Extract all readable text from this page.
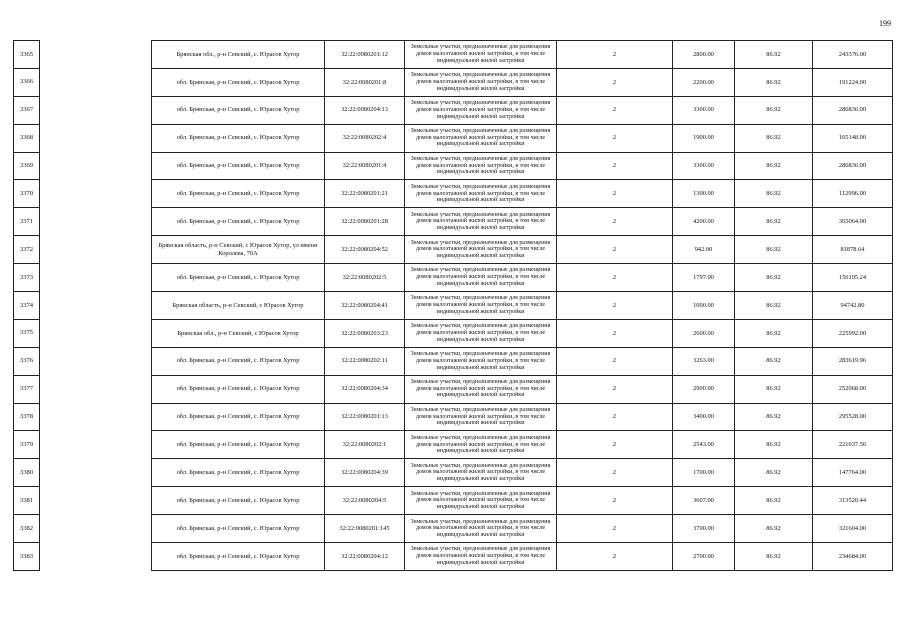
199
3365		Брянская обл., р-н Севский, с. Юрасов Хутор	32:22:0080201:12	Земельные участки, предназначенные для размещения домов малоэтажной жилой застройки, в том числе индивидуальной жилой застройки	2	2800.00	86.92	243376.00
3366		обл. Брянская, р-н Севский, с. Юрасов Хутор	32:22:0080201:8	Земельные участки, предназначенные для размещения домов малоэтажной жилой застройки, в том числе индивидуальной жилой застройки	2	2200.00	86.92	191224.00
3367		обл. Брянская, р-н Севский, с. Юрасов Хутор	32:22:0080204:13	Земельные участки, предназначенные для размещения домов малоэтажной жилой застройки, в том числе индивидуальной жилой застройки	2	3300.00	86.92	286836.00
3368		обл. Брянская, р-н Севский, с. Юрасов Хутор	32:22:0080202:4	Земельные участки, предназначенные для размещения домов малоэтажной жилой застройки, в том числе индивидуальной жилой застройки	2	1900.00	86.92	165148.00
3369		обл. Брянская, р-н Севский, с. Юрасов Хутор	32:22:0080201:4	Земельные участки, предназначенные для размещения домов малоэтажной жилой застройки, в том числе индивидуальной жилой застройки	2	3300.00	86.92	286836.00
3370		обл. Брянская, р-н Севский, с. Юрасов Хутор	32:22:0080201:21	Земельные участки, предназначенные для размещения домов малоэтажной жилой застройки, в том числе индивидуальной жилой застройки	2	1300.00	86.92	112996.00
3371		обл. Брянская, р-н Севский, с. Юрасов Хутор	32:22:0080201:28	Земельные участки, предназначенные для размещения домов малоэтажной жилой застройки, в том числе индивидуальной жилой застройки	2	4200.00	86.92	365064.00
3372		Брянская область, р-н Севский, с Юрасов Хутор, ул имени Королева, 70А	32:22:0080204:52	Земельные участки, предназначенные для размещения домов малоэтажной жилой застройки, в том числе индивидуальной жилой застройки	2	942.00	86.92	81878.64
3373		обл. Брянская, р-н Севский, с. Юрасов Хутор	32:22:0080202:5	Земельные участки, предназначенные для размещения домов малоэтажной жилой застройки, в том числе индивидуальной жилой застройки	2	1797.00	86.92	156195.24
3374		Брянская область, р-н Севский, с Юрасов Хутор	32:22:0080204:41	Земельные участки, предназначенные для размещения домов малоэтажной жилой застройки, в том числе индивидуальной жилой застройки	2	1090.00	86.92	94742.80
3375		Брянская обл., р-н Севский, с Юрасов Хутор	32:22:0080203:23	Земельные участки, предназначенные для размещения домов малоэтажной жилой застройки, в том числе индивидуальной жилой застройки	2	2600.00	86.92	225992.00
3376		обл. Брянская, р-н Севский, с. Юрасов Хутор	32:22:0080202:11	Земельные участки, предназначенные для размещения домов малоэтажной жилой застройки, в том числе индивидуальной жилой застройки	2	3263.00	86.92	283619.96
3377		обл. Брянская, р-н Севский, с. Юрасов Хутор	32:22:0080204:34	Земельные участки, предназначенные для размещения домов малоэтажной жилой застройки, в том числе индивидуальной жилой застройки	2	2900.00	86.92	252068.00
3378		обл. Брянская, р-н Севский, с. Юрасов Хутор	32:22:0080201:13	Земельные участки, предназначенные для размещения домов малоэтажной жилой застройки, в том числе индивидуальной жилой застройки	2	3400.00	86.92	295528.00
3379		обл. Брянская, р-н Севский, с. Юрасов Хутор	32:22:0080202:1	Земельные участки, предназначенные для размещения домов малоэтажной жилой застройки, в том числе индивидуальной жилой застройки	2	2543.00	86.92	221037.56
3380		обл. Брянская, р-н Севский, с. Юрасов Хутор	32:22:0080204:39	Земельные участки, предназначенные для размещения домов малоэтажной жилой застройки, в том числе индивидуальной жилой застройки	2	1700.00	86.92	147764.00
3381		обл. Брянская, р-н Севский, с. Юрасов Хутор	32:22:0080204:5	Земельные участки, предназначенные для размещения домов малоэтажной жилой застройки, в том числе индивидуальной жилой застройки	2	3607.00	86.92	313520.44
3382		обл. Брянская, р-н Севский, с. Юрасов Хутор	32:22:0080201:145	Земельные участки, предназначенные для размещения домов малоэтажной жилой застройки, в том числе индивидуальной жилой застройки	2	3700.00	86.92	321604.00
3383		обл. Брянская, р-н Севский, с. Юрасов Хутор	32:22:0080204:12	Земельные участки, предназначенные для размещения домов малоэтажной жилой застройки, в том числе индивидуальной жилой застройки	2	2700.00	86.92	234684.00
